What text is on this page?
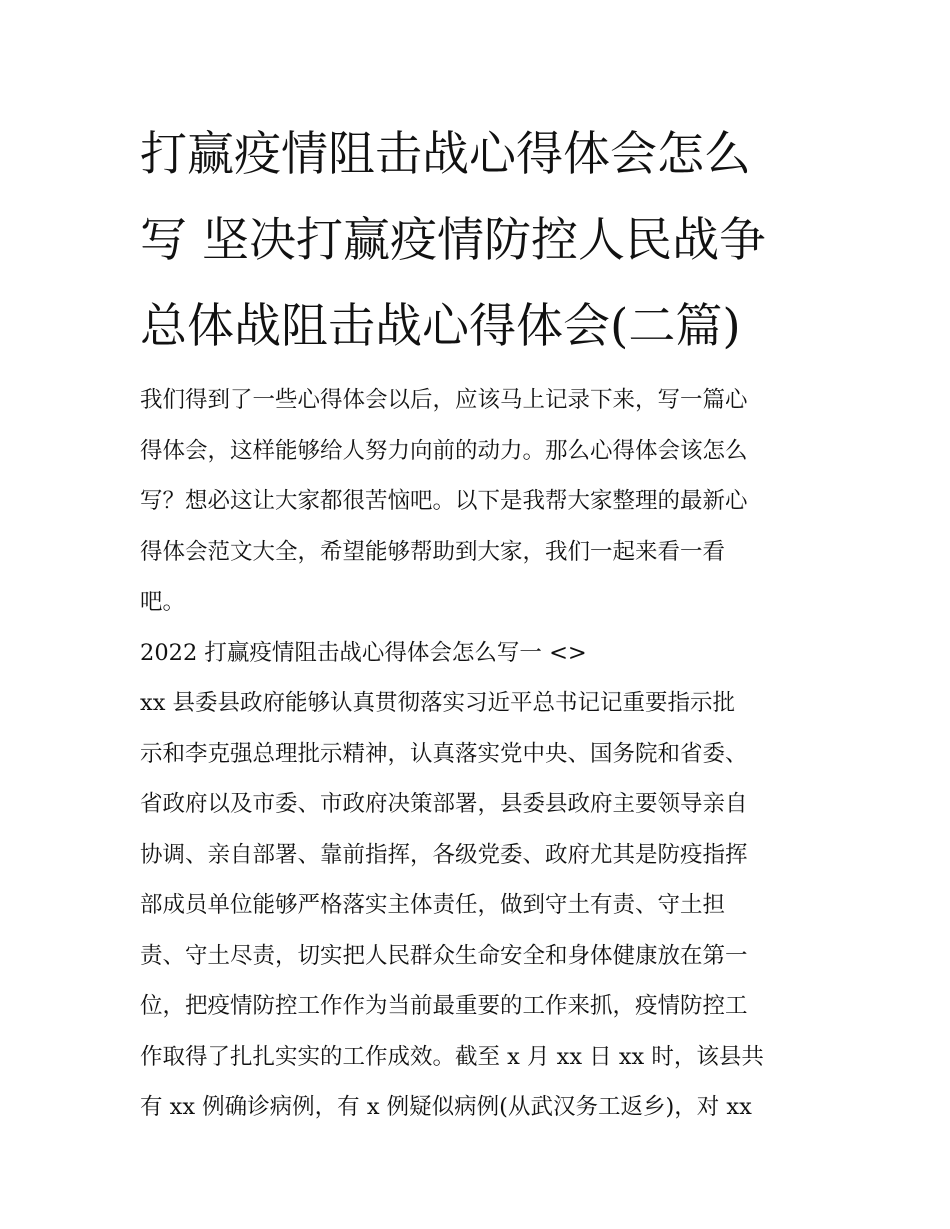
打赢疫情阻击战心得体会怎么
写 坚决打赢疫情防控人民战争
总体战阻击战心得体会(二篇)

我们得到了一些心得体会以后，应该马上记录下来，写一篇心
得体会，这样能够给人努力向前的动力。那么心得体会该怎么
写？想必这让大家都很苦恼吧。以下是我帮大家整理的最新心
得体会范文大全，希望能够帮助到大家，我们一起来看一看
吧。

2022 打赢疫情阻击战心得体会怎么写一 <>

xx 县委县政府能够认真贯彻落实习近平总书记记重要指示批
示和李克强总理批示精神，认真落实党中央、国务院和省委、
省政府以及市委、市政府决策部署，县委县政府主要领导亲自
协调、亲自部署、靠前指挥，各级党委、政府尤其是防疫指挥
部成员单位能够严格落实主体责任，做到守土有责、守土担
责、守土尽责，切实把人民群众生命安全和身体健康放在第一
位，把疫情防控工作作为当前最重要的工作来抓，疫情防控工
作取得了扎扎实实的工作成效。截至 x 月 xx 日 xx 时，该县共
有 xx 例确诊病例，有 x 例疑似病例(从武汉务工返乡)，对 xx
